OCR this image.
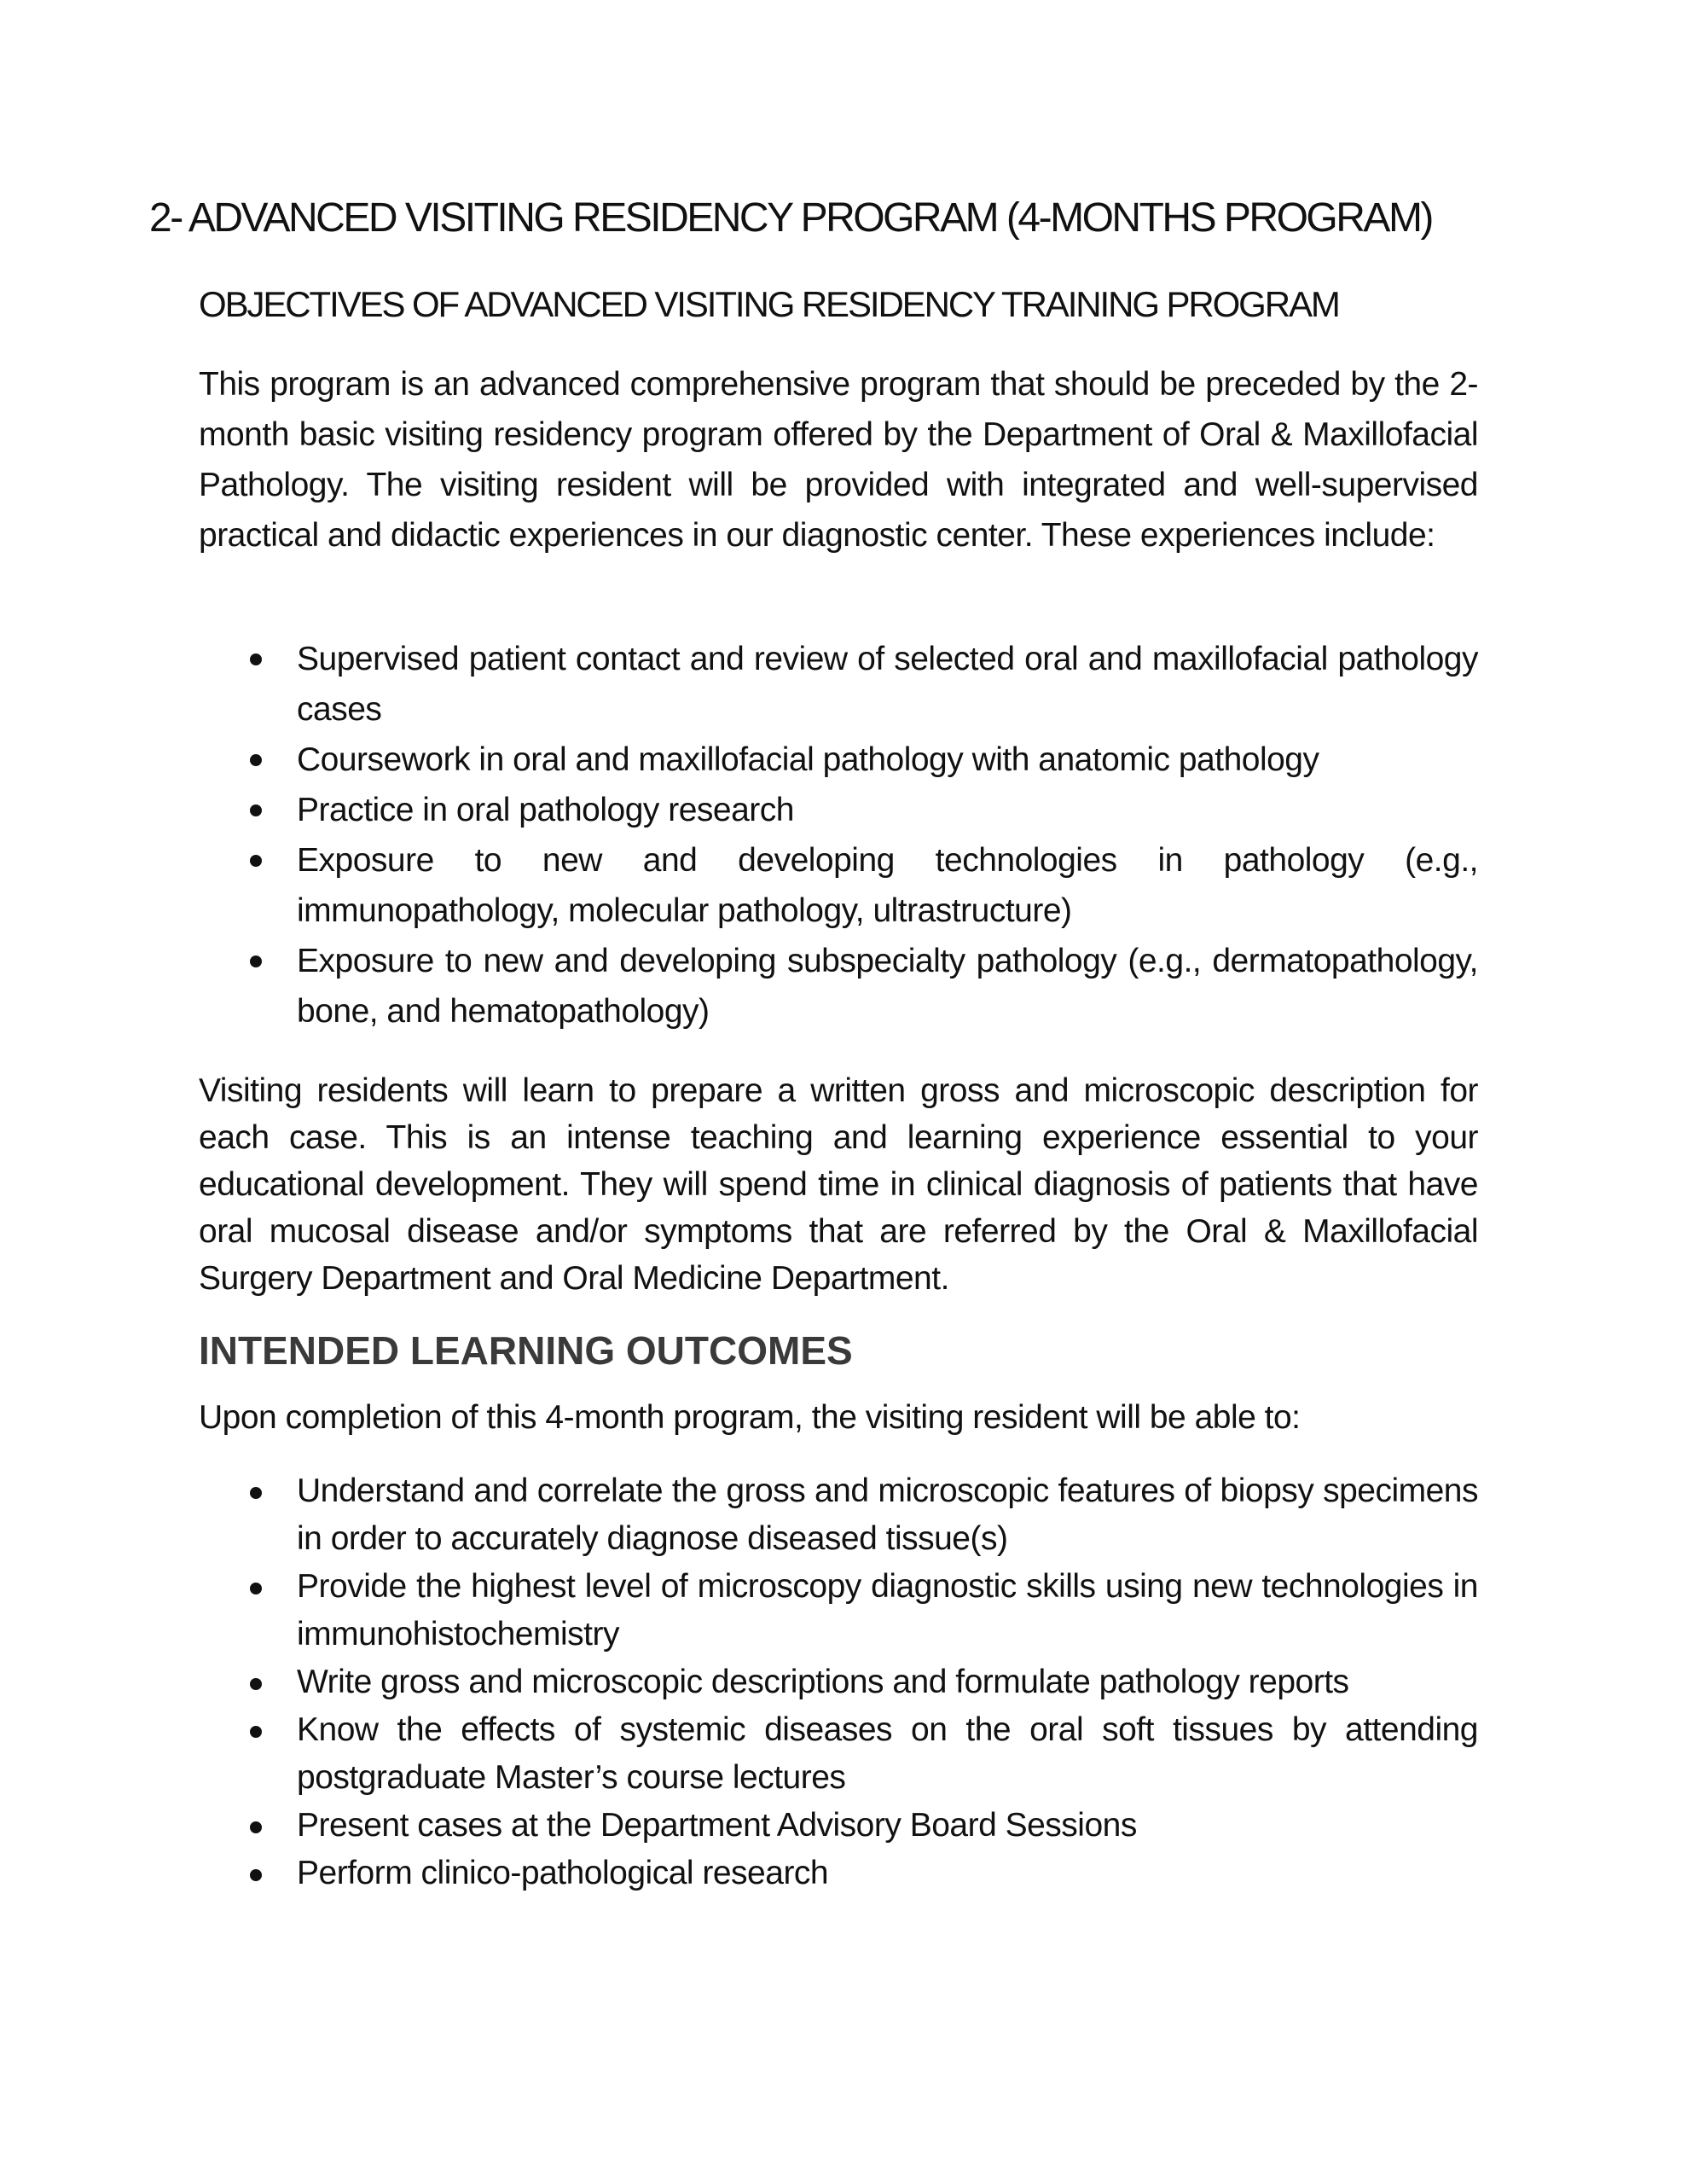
2- ADVANCED VISITING RESIDENCY PROGRAM (4-MONTHS PROGRAM)
OBJECTIVES OF ADVANCED VISITING RESIDENCY TRAINING PROGRAM

This program is an advanced comprehensive program that should be preceded by the 2-month basic visiting residency program offered by the Department of Oral & Maxillofacial Pathology. The visiting resident will be provided with integrated and well-supervised practical and didactic experiences in our diagnostic center. These experiences include:

Supervised patient contact and review of selected oral and maxillofacial pathology cases
Coursework in oral and maxillofacial pathology with anatomic pathology
Practice in oral pathology research
Exposure to new and developing technologies in pathology (e.g., immunopathology, molecular pathology, ultrastructure)
Exposure to new and developing subspecialty pathology (e.g., dermatopathology, bone, and hematopathology)

Visiting residents will learn to prepare a written gross and microscopic description for each case. This is an intense teaching and learning experience essential to your educational development. They will spend time in clinical diagnosis of patients that have oral mucosal disease and/or symptoms that are referred by the Oral & Maxillofacial Surgery Department and Oral Medicine Department.

INTENDED LEARNING OUTCOMES

Upon completion of this 4-month program, the visiting resident will be able to:

Understand and correlate the gross and microscopic features of biopsy specimens in order to accurately diagnose diseased tissue(s)
Provide the highest level of microscopy diagnostic skills using new technologies in immunohistochemistry
Write gross and microscopic descriptions and formulate pathology reports
Know the effects of systemic diseases on the oral soft tissues by attending postgraduate Master’s course lectures
Present cases at the Department Advisory Board Sessions
Perform clinico-pathological research
